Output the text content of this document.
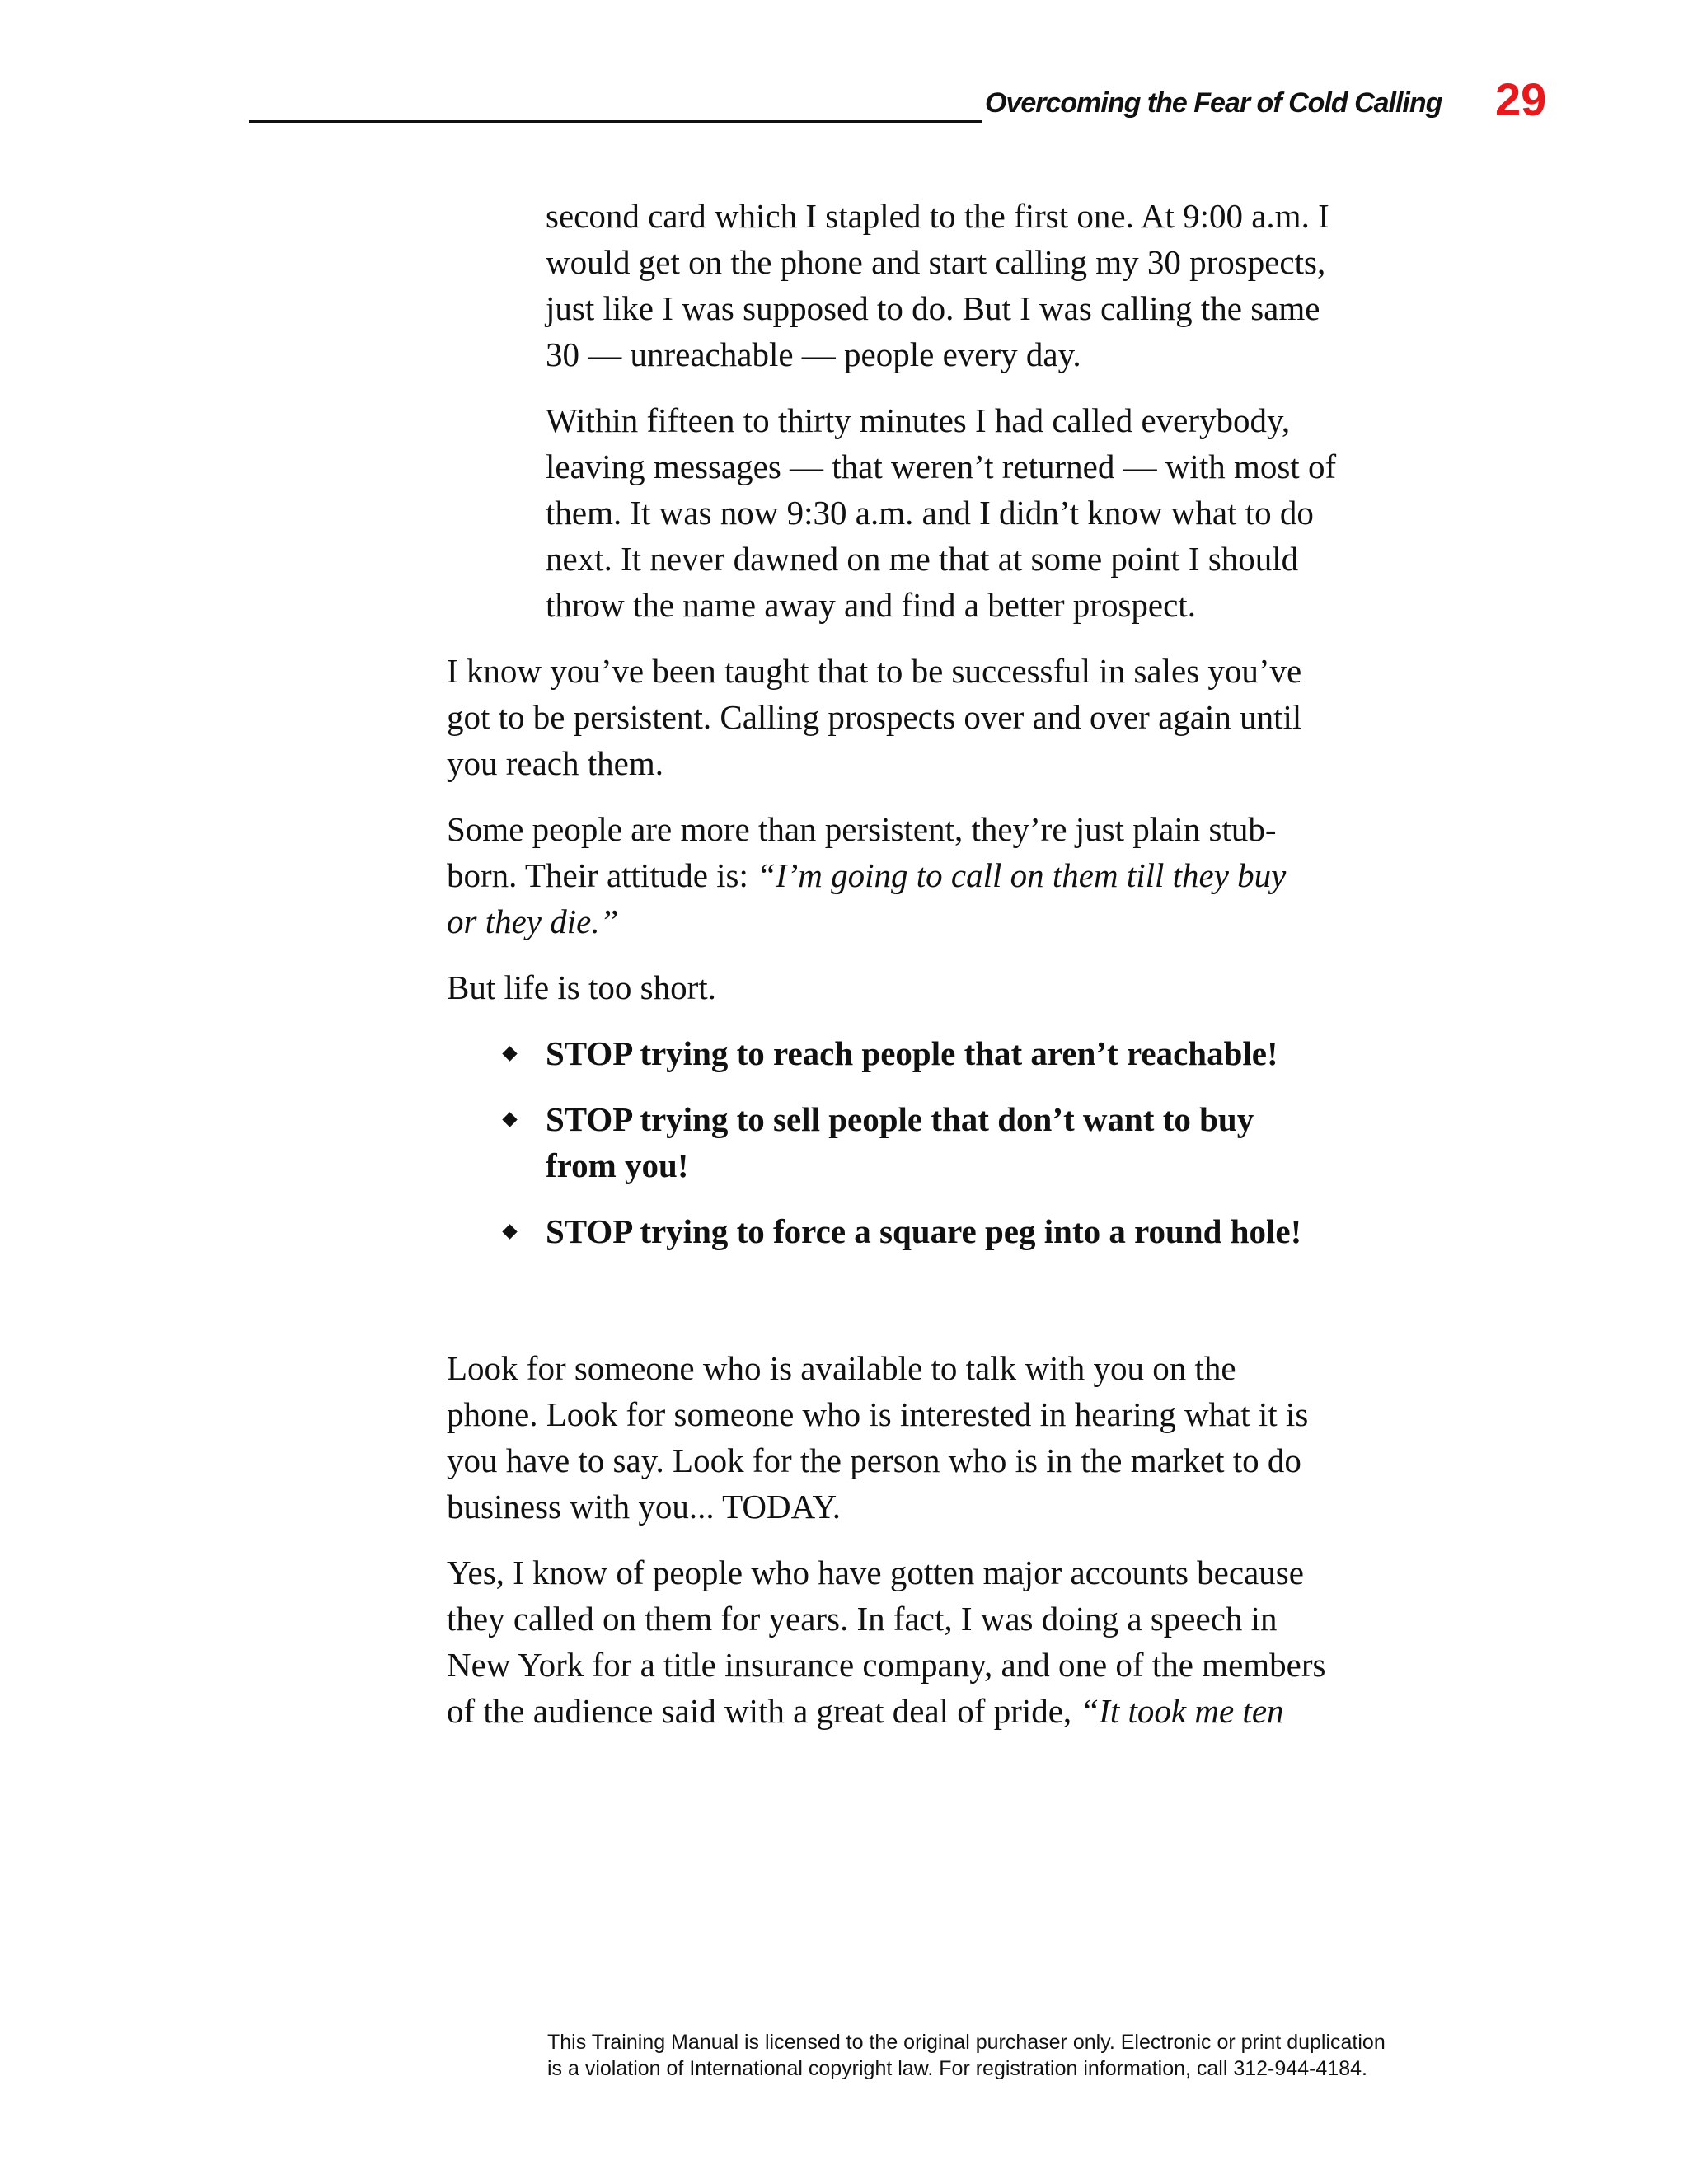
Overcoming the Fear of Cold Calling 29
second card which I stapled to the first one. At 9:00 a.m. I
would get on the phone and start calling my 30 prospects,
just like I was supposed to do. But I was calling the same
30 — unreachable — people every day.
Within fifteen to thirty minutes I had called everybody,
leaving messages — that weren’t returned — with most of
them. It was now 9:30 a.m. and I didn’t know what to do
next. It never dawned on me that at some point I should
throw the name away and find a better prospect.
I know you’ve been taught that to be successful in sales you’ve
got to be persistent. Calling prospects over and over again until
you reach them.
Some people are more than persistent, they’re just plain stub-
born. Their attitude is: “I’m going to call on them till they buy
or they die.”
But life is too short.
STOP trying to reach people that aren’t reachable!
STOP trying to sell people that don’t want to buy
from you!
STOP trying to force a square peg into a round hole!
Look for someone who is available to talk with you on the
phone. Look for someone who is interested in hearing what it is
you have to say. Look for the person who is in the market to do
business with you... TODAY.
Yes, I know of people who have gotten major accounts because
they called on them for years. In fact, I was doing a speech in
New York for a title insurance company, and one of the members
of the audience said with a great deal of pride, “It took me ten
This Training Manual is licensed to the original purchaser only. Electronic or print duplication
is a violation of International copyright law. For registration information, call 312-944-4184.
